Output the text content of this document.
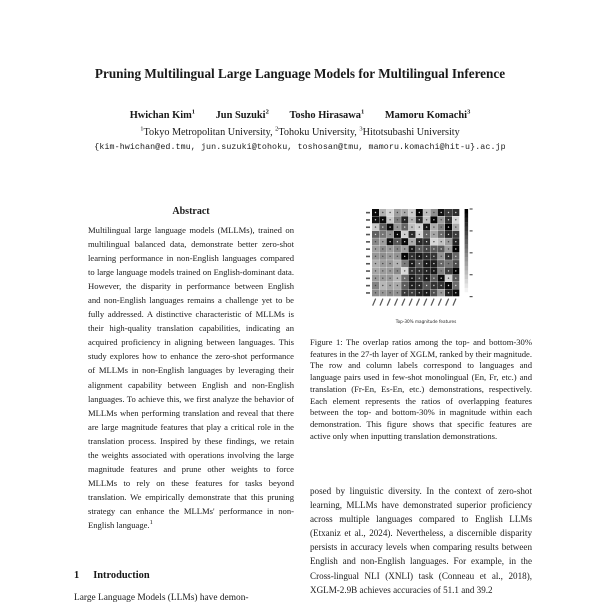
Pruning Multilingual Large Language Models for Multilingual Inference
Hwichan Kim$^1$ Jun Suzuki$^2$ Tosho Hirasawa$^1$ Mamoru Komachi$^3$
$^1$Tokyo Metropolitan University, $^2$Tohoku University, $^3$Hitotsubashi University
{kim-hwichan@ed.tmu, jun.suzuki@tohoku, toshosan@tmu, mamoru.komachi@hit-u}.ac.jp
Abstract

Multilingual large language models (MLLMs), trained on multilingual balanced data, demonstrate better zero-shot learning performance in non-English languages compared to large language models trained on English-dominant data. However, the disparity in performance between English and non-English languages remains a challenge yet to be fully addressed. A distinctive characteristic of MLLMs is their high-quality translation capabilities, indicating an acquired proficiency in aligning between languages. This study explores how to enhance the zero-shot performance of MLLMs in non-English languages by leveraging their alignment capability between English and non-English languages. To achieve this, we first analyze the behavior of MLLMs when performing translation and reveal that there are large magnitude features that play a critical role in the translation process. Inspired by these findings, we retain the weights associated with operations involving the large magnitude features and prune other weights to force MLLMs to rely on these features for tasks beyond translation. We empirically demonstrate that this pruning strategy can enhance the MLLMs' performance in non-English language.$^1$

1 Introduction
Large Language Models (LLMs) have demon-
Top-30% magnitude features
Figure 1: The overlap ratios among the top- and bottom-30% features in the 27-th layer of XGLM, ranked by their magnitude. The row and column labels correspond to languages and language pairs used in few-shot monolingual (En, Fr, etc.) and translation (Fr-En, Es-En, etc.) demonstrations, respectively. Each element represents the ratios of overlapping features between the top- and bottom-30% in magnitude within each demonstration. This figure shows that specific features are active only when inputting translation demonstrations.

posed by linguistic diversity. In the context of zero-shot learning, MLLMs have demonstrated superior proficiency across multiple languages compared to English LLMs (Etxaniz et al., 2024). Nevertheless, a discernible disparity persists in accuracy levels when comparing results between English and non-English languages. For example, in the Cross-lingual NLI (XNLI) task (Conneau et al., 2018), XGLM-2.9B achieves accuracies of 51.1 and 39.2
